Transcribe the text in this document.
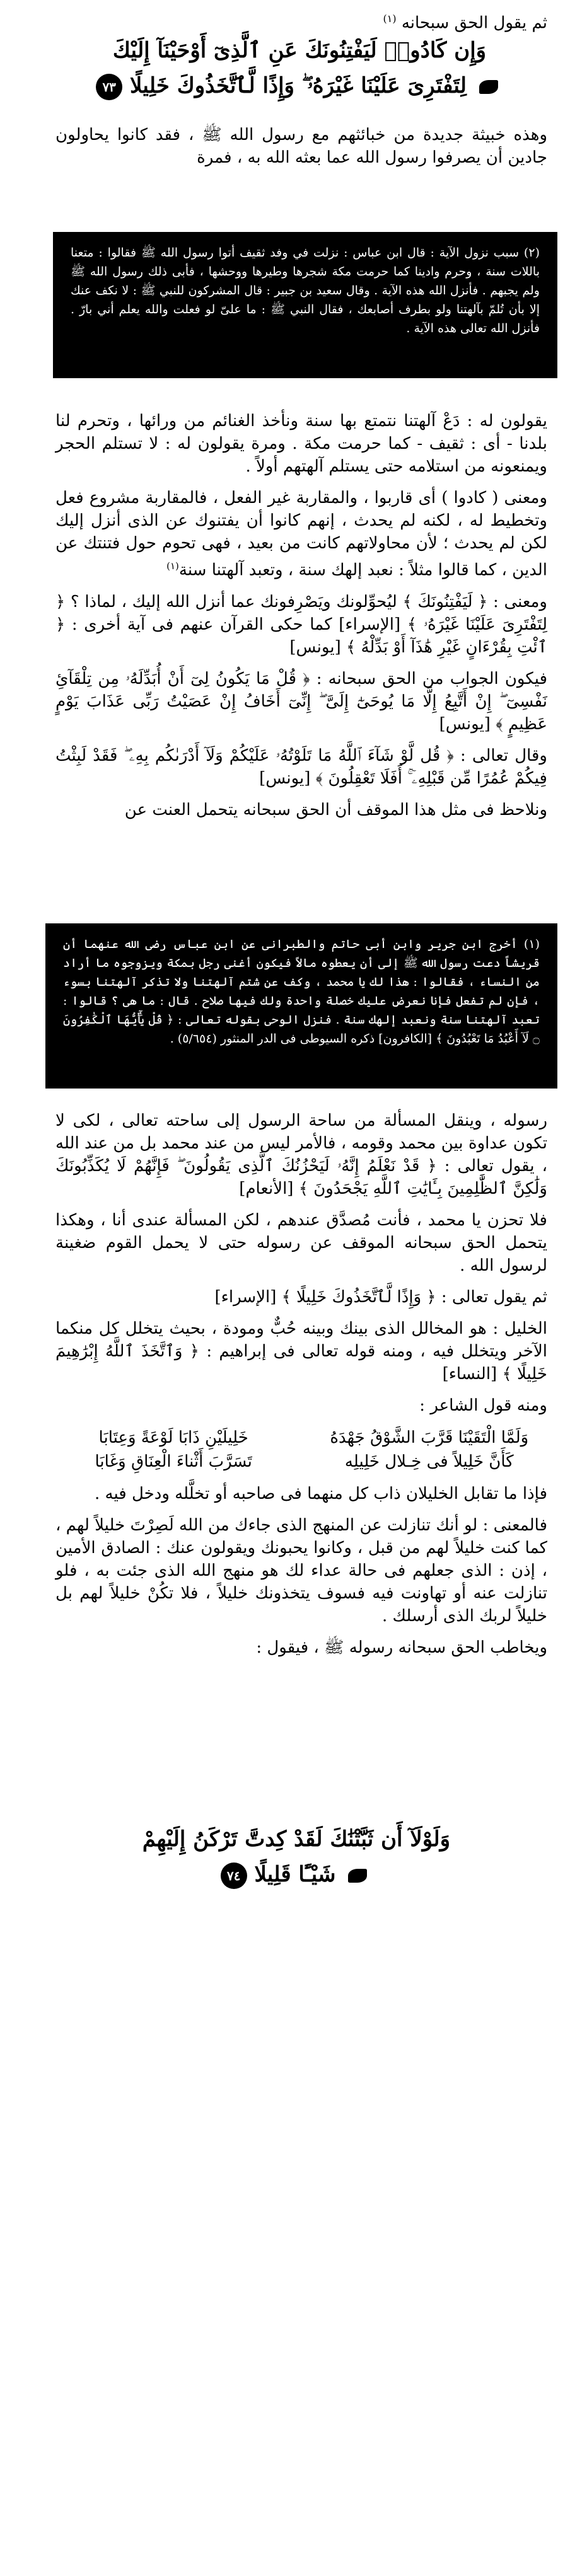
ثم يقول الحق سبحانه $^{(١)}$
وَإِن كَادُوا۟ لَيَفْتِنُونَكَ عَنِ ٱلَّذِىٓ أَوْحَيْنَآ إِلَيْكَ
لِتَفْتَرِىَ عَلَيْنَا غَيْرَهُۥ ۖ وَإِذًا لَّٱتَّخَذُوكَ خَلِيلًا ٧٣
وهذه خبيثة جديدة من خبائثهم مع رسول الله ﷺ ، فقد كانوا يحاولون جادين أن يصرفوا رسول الله عما بعثه الله به ، فمرة
(٢) سبب نزول الآية : قال ابن عباس : نزلت في وفد ثقيف أتوا رسول الله ﷺ فقالوا : متعنا باللات سنة ، وحرم وادينا كما حرمت مكة شجرها وطيرها ووحشها ، فأبى ذلك رسول الله ﷺ ولم يجبهم . فأنزل الله هذه الآية . وقال سعيد بن جبير : قال المشركون للنبي ﷺ : لا نكف عنك إلا بأن تُلمّ بآلهتنا ولو بطرف أصابعك ، فقال النبي ﷺ : ما علىّ لو فعلت والله يعلم أني بارّ . فأنزل الله تعالى هذه الآية .

يقولون له : دَعْ آلهتنا نتمتع بها سنة ونأخذ الغنائم من ورائها ، وتحرم لنا بلدنا - أى : ثقيف - كما حرمت مكة . ومرة يقولون له : لا تستلم الحجر ويمنعونه من استلامه حتى يستلم آلهتهم أولاً .

ومعنى ( كادوا ) أى قاربوا ، والمقاربة غير الفعل ، فالمقاربة مشروع فعل وتخطيط له ، لكنه لم يحدث ، إنهم كانوا أن يفتنوك عن الذى أنزل إليك لكن لم يحدث ؛ لأن محاولاتهم كانت من بعيد ، فهى تحوم حول فتنتك عن الدين ، كما قالوا مثلاً : نعبد إلهك سنة ، وتعبد آلهتنا سنة$^{(١)}$

ومعنى : ﴿ لَيَفْتِنُونَكَ ﴾ ليُحوِّلونك ويَصْرِفونك عما أنزل الله إليك ، لماذا ؟ ﴿ لِتَفْتَرِىَ عَلَيْنَا غَيْرَهُۥ ﴾ [الإسراء] كما حكى القرآن عنهم فى آية أخرى : ﴿ ٱئْتِ بِقُرْءَانٍ غَيْرِ هَٰذَآ أَوْ بَدِّلْهُ ﴾ [يونس]

فيكون الجواب من الحق سبحانه : ﴿ قُلْ مَا يَكُونُ لِىٓ أَنْ أُبَدِّلَهُۥ مِن تِلْقَآئِ نَفْسِىٓ ۖ إِنْ أَتَّبِعُ إِلَّا مَا يُوحَىٰٓ إِلَىَّ ۖ إِنِّىٓ أَخَافُ إِنْ عَصَيْتُ رَبِّى عَذَابَ يَوْمٍ عَظِيمٍ ﴾ [يونس]

وقال تعالى : ﴿ قُل لَّوْ شَآءَ ٱللَّهُ مَا تَلَوْتُهُۥ عَلَيْكُمْ وَلَآ أَدْرَىٰكُم بِهِۦ ۖ فَقَدْ لَبِثْتُ فِيكُمْ عُمُرًا مِّن قَبْلِهِۦٓ ۚ أَفَلَا تَعْقِلُونَ ﴾ [يونس]

ونلاحظ فى مثل هذا الموقف أن الحق سبحانه يتحمل العنت عن

(١) أخرج ابن جرير وابن أبى حاتم والطبرانى عن ابن عباس رضى الله عنهما أن قريشاً دعت رسول الله ﷺ إلى أن يعطوه مالاً فيكون أغنى رجل بمكة ويزوجوه ما أراد من النساء ، فقالوا : هذا لك يا محمد ، وكف عن شتم آلهتنا ولا تذكر آلهتنا بسوء ، فإن لم تفعل فإنا نعرض عليك خصلة واحدة ولك فيها صلاح . قال : ما هى ؟ قالوا : تعبد آلهتنا سنة ونعبد إلهك سنة . فنزل الوحى بقوله تعالى : ﴿ قُلْ يَٰٓأَيُّهَا ٱلْكَٰفِرُونَ ۝ لَآ أَعْبُدُ مَا تَعْبُدُونَ ﴾ [الكافرون] ذكره السيوطى فى الدر المنثور (٥/٦٥٤) .

رسوله ، وينقل المسألة من ساحة الرسول إلى ساحته تعالى ، لكى لا تكون عداوة بين محمد وقومه ، فالأمر ليس من عند محمد بل من عند الله ، يقول تعالى : ﴿ قَدْ نَعْلَمُ إِنَّهُۥ لَيَحْزُنُكَ ٱلَّذِى يَقُولُونَ ۖ فَإِنَّهُمْ لَا يُكَذِّبُونَكَ وَلَٰكِنَّ ٱلظَّٰلِمِينَ بِـَٔايَٰتِ ٱللَّهِ يَجْحَدُونَ ﴾ [الأنعام]

فلا تحزن يا محمد ، فأنت مُصدَّق عندهم ، لكن المسألة عندى أنا ، وهكذا يتحمل الحق سبحانه الموقف عن رسوله حتى لا يحمل القوم ضغينة لرسول الله .

ثم يقول تعالى : ﴿ وَإِذًا لَّٱتَّخَذُوكَ خَلِيلًا ﴾ [الإسراء]

الخليل : هو المخالل الذى بينك وبينه حُبٌّ ومودة ، بحيث يتخلل كل منكما الآخر ويتخلل فيه ، ومنه قوله تعالى فى إبراهيم : ﴿ وَٱتَّخَذَ ٱللَّهُ إِبْرَٰهِيمَ خَلِيلًا ﴾ [النساء]

ومنه قول الشاعر :

وَلَمَّا الْتَقَيْنَا قَرَّبَ الشَّوْقُ جَهْدَهُ
خَلِيلَيْنِ ذَابَا لَوْعَةً وَعِتَابَا
كَأَنَّ خَلِيلاً فى خِـلال خَلِيلِه
تَسَرَّبَ أَثْناءَ الْعِنَاقِ وَغَابَا

فإذا ما تقابل الخليلان ذاب كل منهما فى صاحبه أو تخلَّله ودخل فيه .

فالمعنى : لو أنك تنازلت عن المنهج الذى جاءك من الله لَصِرْتَ خليلاً لهم ، كما كنت خليلاً لهم من قبل ، وكانوا يحبونك ويقولون عنك : الصادق الأمين ، إذن : الذى جعلهم فى حالة عداء لك هو منهج الله الذى جئت به ، فلو تنازلت عنه أو تهاونت فيه فسوف يتخذونك خليلاً ، فلا تكُنْ خليلاً لهم بل خليلاً لربك الذى أرسلك .

ويخاطب الحق سبحانه رسوله ﷺ ، فيقول :

وَلَوْلَآ أَن ثَبَّتْنَٰكَ لَقَدْ كِدتَّ تَرْكَنُ إِلَيْهِمْ
شَيْـًٔا قَلِيلًا ٧٤
